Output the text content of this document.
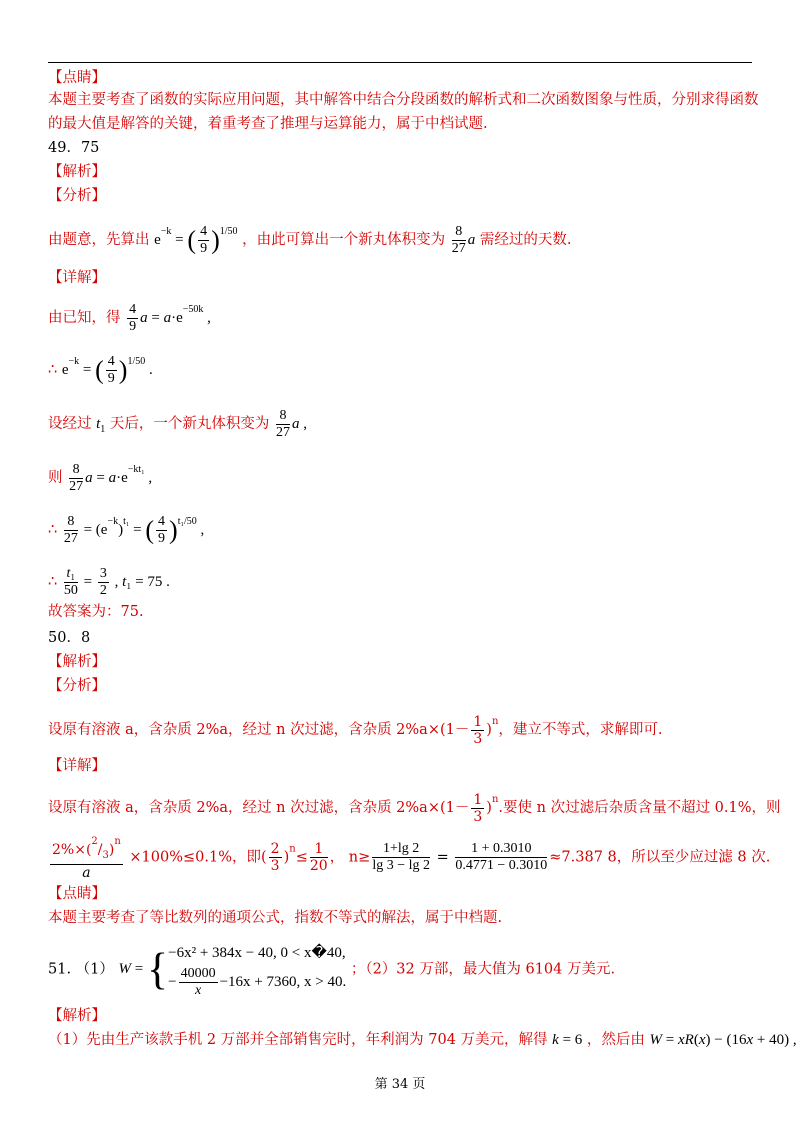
【点睛】
本题主要考查了函数的实际应用问题，其中解答中结合分段函数的解析式和二次函数图象与性质，分别求得函数
的最大值是解答的关键，着重考查了推理与运算能力，属于中档试题.
49．75
【解析】
【分析】
由题意，先算出 $e^{-k}$ = ( $\frac{4}{9} )^{1/50}$ ，由此可算出一个新丸体积变为 $\frac{8}{27}$ a 需经过的天数.
【详解】
由已知，得 $\frac{4}{9}$ $a = a\cdot e^{-50k}$ ,
∴ $e^{-k}$ = ( $\frac{4}{9} )^{1/50}$ .
设经过 $t_1$ 天后，一个新丸体积变为 $\frac{8}{27}$ a ,
则 $\frac{8}{27}$ $a = a\cdot e^{-kt_1}$ ,
∴ $\frac{8}{27} = (e^{-k})^{t_1}$ = ( $\frac{4}{9} )^{t_1/50}$ ,
∴ $\frac{\text{t₁}}{50} = \frac{3}{2}$ , t₁ = 75 .
故答案为：75.
50．8
【解析】
【分析】
设原有溶液 a，含杂质 2%a，经过 n 次过滤，含杂质 $2\%a\times(1- \frac{1}{3} )^n$，建立不等式，求解即可.
【详解】
设原有溶液 a，含杂质 2%a，经过 n 次过滤，含杂质 $2\%a\times(1- \frac{1}{3} )^n$.要使 n 次过滤后杂质含量不超过 0.1%，则
$\frac{2\%\times(^2/_3)^n}{a} \times 100\%\le 0.1\%$，即( $\frac{2}{3} )^n\le \frac{1}{20}$ ， $n\ge \frac{1+\lg 2}{\lg 3 - \lg 2} = \frac{1 + 0.3010}{0.4771 - 0.3010} \approx 7.387$ 8，所以至少应过滤 8 次.
【点睛】
本题主要考查了等比数列的通项公式，指数不等式的解法，属于中档题.
51. （1） W = { −6x² + 384x − 40, 0 < x�40,
− $\frac{40000}{x} -16x + 7360$, x > 40.
；（2）32 万部，最大值为 6104 万美元.
【解析】
（1）先由生产该款手机 2 万部并全部销售完时，年利润为 704 万美元，解得 k = 6 ，然后由 W = xR(x) − (16x + 40) ,
第 34 页
